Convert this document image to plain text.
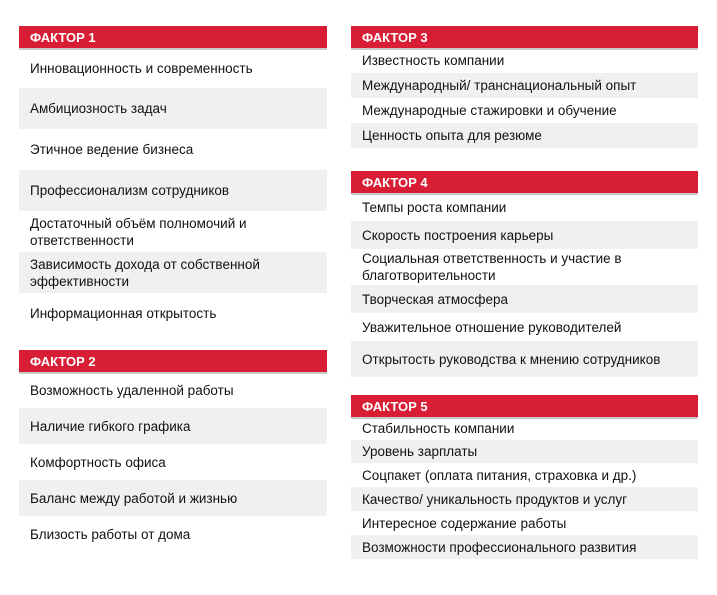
ФАКТОР 1
Инновационность и современность
Амбициозность задач
Этичное ведение бизнеса
Профессионализм сотрудников
Достаточный объём полномочий и ответственности
Зависимость дохода от собственной эффективности
Информационная открытость
ФАКТОР 2
Возможность удаленной работы
Наличие гибкого графика
Комфортность офиса
Баланс между работой и жизнью
Близость работы от дома
ФАКТОР 3
Известность компании
Международный/ транснациональный опыт
Международные стажировки и обучение
Ценность опыта для резюме
ФАКТОР 4
Темпы роста компании
Скорость построения карьеры
Социальная ответственность и участие в благотворительности
Творческая атмосфера
Уважительное отношение руководителей
Открытость руководства к мнению сотрудников
ФАКТОР 5
Стабильность компании
Уровень зарплаты
Соцпакет (оплата питания, страховка и др.)
Качество/ уникальность продуктов и услуг
Интересное содержание работы
Возможности профессионального развития
